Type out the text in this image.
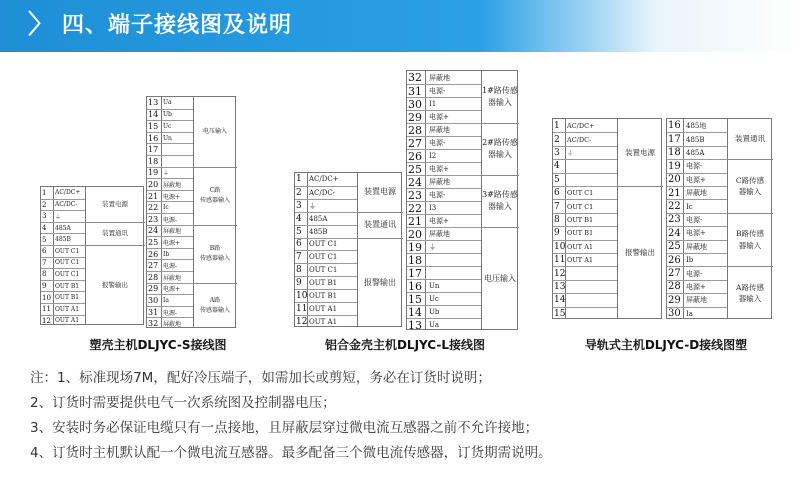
〉 四、端子接线图及说明
1	AC/DC+
2	AC/DC-
3	⏚
4	485A
5	485B
6	OUT C1
7	OUT C1
8	OUT C1
9	OUT B1
10 OUT B1
11 OUT A1
12 OUT A1
装置电源
装置通讯
报警输出
13 Ua
14 Ub
15 Uc
16 Un
17
18
19 ⏚
20 屏蔽地
21 电源+
22 Ic
23 电源-
24 屏蔽地
25 电源+
26 Ib
27 电源-
28 屏蔽地
29 电源+
30 Ia
31 电源-
32 屏蔽地
电压输入
C路
传感器输入
B路
传感器输入
A路
传感器输入
塑壳主机DLJYC-S接线图
1	AC/DC+
2	AC/DC-
3	⏚
4	485A
5	485B
6	OUT C1
7	OUT C1
8	OUT C1
9	OUT B1
10 OUT B1
11 OUT A1
12 OUT A1
装置电源
装置通讯
报警输出
32	屏蔽地
31	电源-
30	I1
29	电源+
28	屏蔽地
27	电源-
26	I2
25	电源+
24	屏蔽地
23	电源-
22	I3
21	电源+
20	屏蔽地
19	⏚
18
17
16	Un
15	Uc
14	Ub
13	Ua
1#路传感
器输入
2#路传感
器输入
3#路传感
器输入
电压输入
铝合金壳主机DLJYC-L接线图
1	AC/DC+
2	AC/DC-
3	⏚
4
5
6	OUT C1
7	OUT C1
8	OUT B1
9	OUT B1
10 OUT A1
11 OUT A1
12
13
14
15
装置电源
报警输出
16 485地
17 485B
18 485A
19 电源-
20 电源+
21 屏蔽地
22 Ic
23 电源-
24 电源+
25 屏蔽地
26 Ib
27 电源-
28 电源+
29 屏蔽地
30 Ia
装置通讯
C路传感
器输入
B路传感
器输入
A路传感
器输入
导轨式主机DLJYC-D接线图塑
注：1、标准现场7M，配好冷压端子，如需加长或剪短，务必在订货时说明；
2、订货时需要提供电气一次系统图及控制器电压；
3、安装时务必保证电缆只有一点接地，且屏蔽层穿过微电流互感器之前不允许接地；
4、订货时主机默认配一个微电流互感器。最多配备三个微电流传感器，订货期需说明。
